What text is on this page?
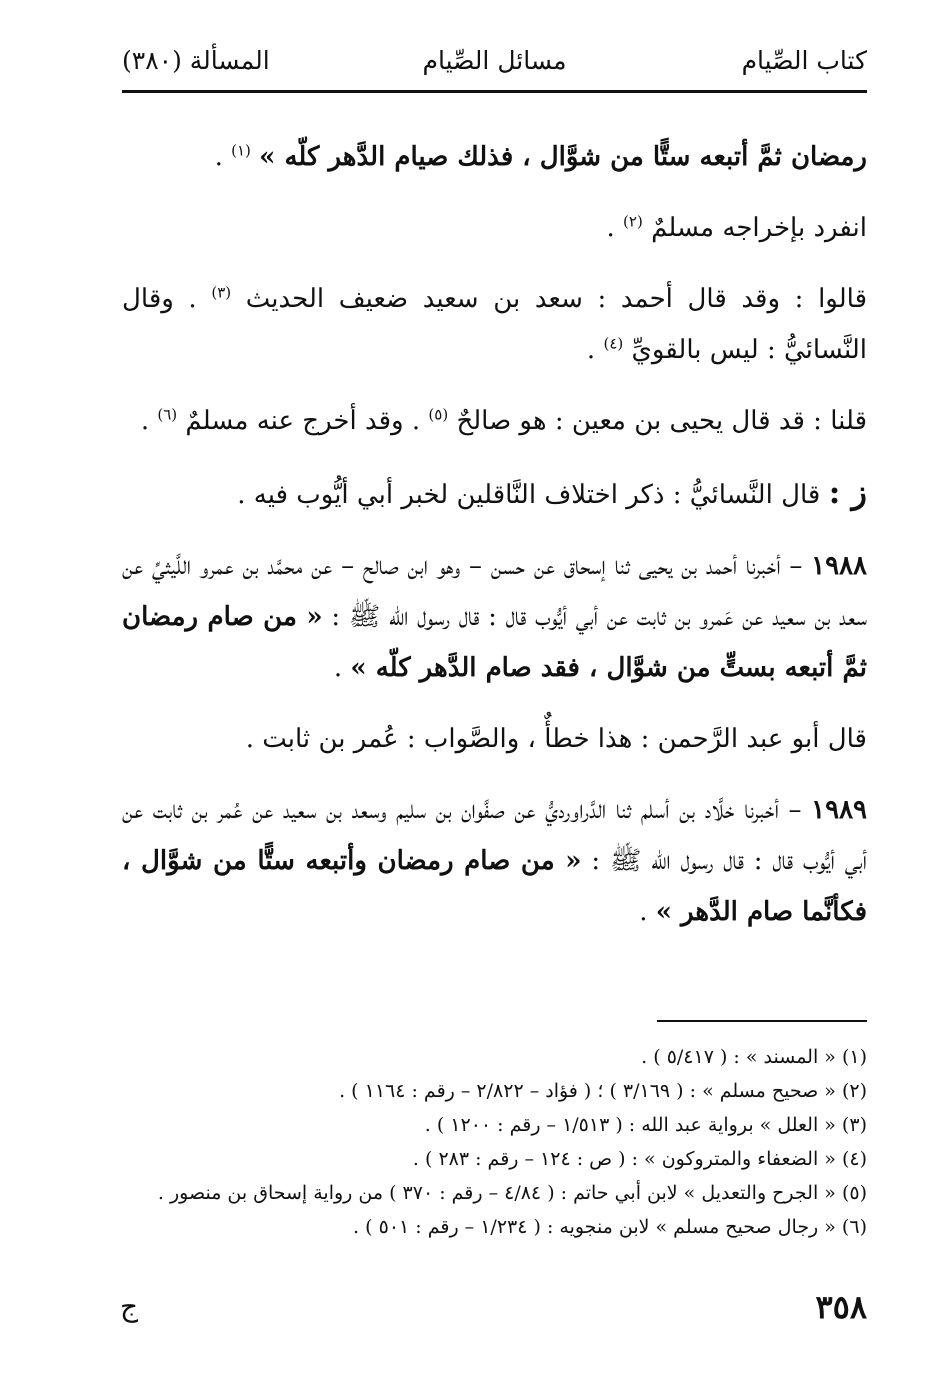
كتاب الصِّيام
مسائل الصِّيام
المسألة (٣٨٠)

رمضان ثمَّ أتبعه ستًّا من شوَّال ، فذلك صيام الدَّهر كلّه » $^{(١)}$ .

انفرد بإخراجه مسلمٌ $^{(٢)}$ .

قالوا : وقد قال أحمد : سعد بن سعيد ضعيف الحديث $^{(٣)}$ . وقال النَّسائيُّ : ليس بالقويِّ $^{(٤)}$ .

قلنا : قد قال يحيى بن معين : هو صالحٌ $^{(٥)}$ . وقد أخرج عنه مسلمٌ $^{(٦)}$ .

ز : قال النَّسائيُّ : ذكر اختلاف النَّاقلين لخبر أبي أيُّوب فيه .

١٩٨٨ – أخبرنا أحمد بن يحيى ثنا إسحاق عن حسن – وهو ابن صالح – عن محمَّد بن عمرو اللَّيثيِّ عن سعد بن سعيد عن عَمرو بن ثابت عن أبي أيُّوب قال : قال رسول الله ﷺ : « من صام رمضان ثمَّ أتبعه بستٍّ من شوَّال ، فقد صام الدَّهر كلّه » .

قال أبو عبد الرَّحمن : هذا خطأٌ ، والصَّواب : عُمر بن ثابت .

١٩٨٩ – أخبرنا خلَّاد بن أسلم ثنا الدَّراورديُّ عن صفَّوان بن سليم وسعد بن سعيد عن عُمر بن ثابت عن أبي أيُّوب قال : قال رسول الله ﷺ : « من صام رمضان وأتبعه ستًّا من شوَّال ، فكأنَّما صام الدَّهر » .

(١) « المسند » : ( ٥/٤١٧ ) .
(٢) « صحيح مسلم » : ( ٣/١٦٩ ) ؛ ( فؤاد – ٢/٨٢٢ – رقم : ١١٦٤ ) .
(٣) « العلل » برواية عبد الله : ( ١/٥١٣ – رقم : ١٢٠٠ ) .
(٤) « الضعفاء والمتروكون » : ( ص : ١٢٤ – رقم : ٢٨٣ ) .
(٥) « الجرح والتعديل » لابن أبي حاتم : ( ٤/٨٤ – رقم : ٣٧٠ ) من رواية إسحاق بن منصور .
(٦) « رجال صحيح مسلم » لابن منجويه : ( ١/٢٣٤ – رقم : ٥٠١ ) .
٣٥٨
ج
